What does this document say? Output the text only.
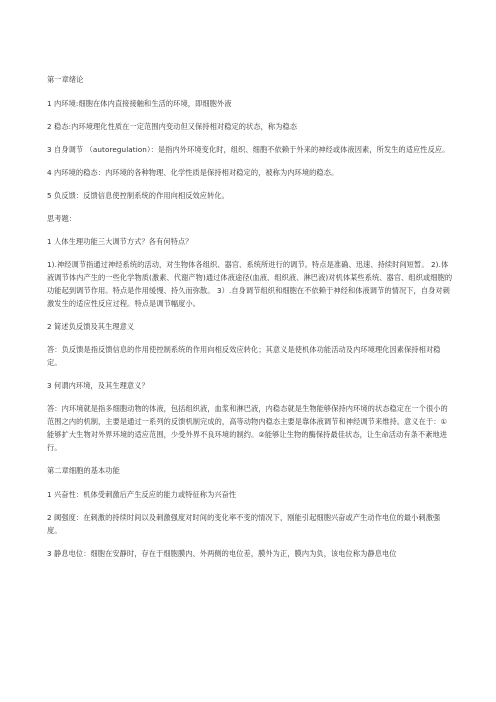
第一章绪论

1 内环境:细胞在体内直接接触和生活的环境，即细胞外液

2 稳态:内环境理化性质在一定范围内变动但又保持相对稳定的状态，称为稳态

3 自身调节 （autoregulation）：是指内外环境变化时，组织、细胞不依赖于外来的神经或体液因素，所发生的适应性反应。

4 内环境的稳态：内环境的各种物理、化学性质是保持相对稳定的，被称为内环境的稳态。

5 负反馈：反馈信息使控制系统的作用向相反效应转化。

思考题：

1 人体生理功能三大调节方式？各有何特点？

1).神经调节指通过神经系统的活动，对生物体各组织、器官、系统所进行的调节。特点是准确、迅速、持续时间短暂。 2).体液调节体内产生的一些化学物质(激素、代谢产物)通过体液途径(血液、组织液、淋巴液)对机体某些系统、器官、组织或细胞的功能起到调节作用。特点是作用缓慢、持久而弥散。 3）.自身调节组织和细胞在不依赖于神经和体液调节的情况下，自身对刺激发生的适应性反应过程。特点是调节幅度小。

2 简述负反馈及其生理意义

答：负反馈是指反馈信息的作用使控制系统的作用向相反效应转化；其意义是使机体功能活动及内环境理化因素保持相对稳定。

3 何谓内环境，及其生理意义？

答：内环境就是指多细胞动物的体液，包括组织液，血浆和淋巴液，内稳态就是生物能够保持内环境的状态稳定在一个很小的范围之内的机制，主要是通过一系列的反馈机制完成的，高等动物内稳态主要是靠体液调节和神经调节来维持。意义在于：①能够扩大生物对外界环境的适应范围，少受外界不良环境的制约。②能够让生物的酶保持最佳状态，让生命活动有条不紊地进行。

第二章细胞的基本功能

1 兴奋性：机体受刺激后产生反应的能力或特征称为兴奋性

2 阈强度：在刺激的持续时间以及刺激强度对时间的变化率不变的情况下，刚能引起细胞兴奋或产生动作电位的最小刺激强度。

3 静息电位：细胞在安静时，存在于细胞膜内、外两侧的电位差，膜外为正，膜内为负，该电位称为静息电位
